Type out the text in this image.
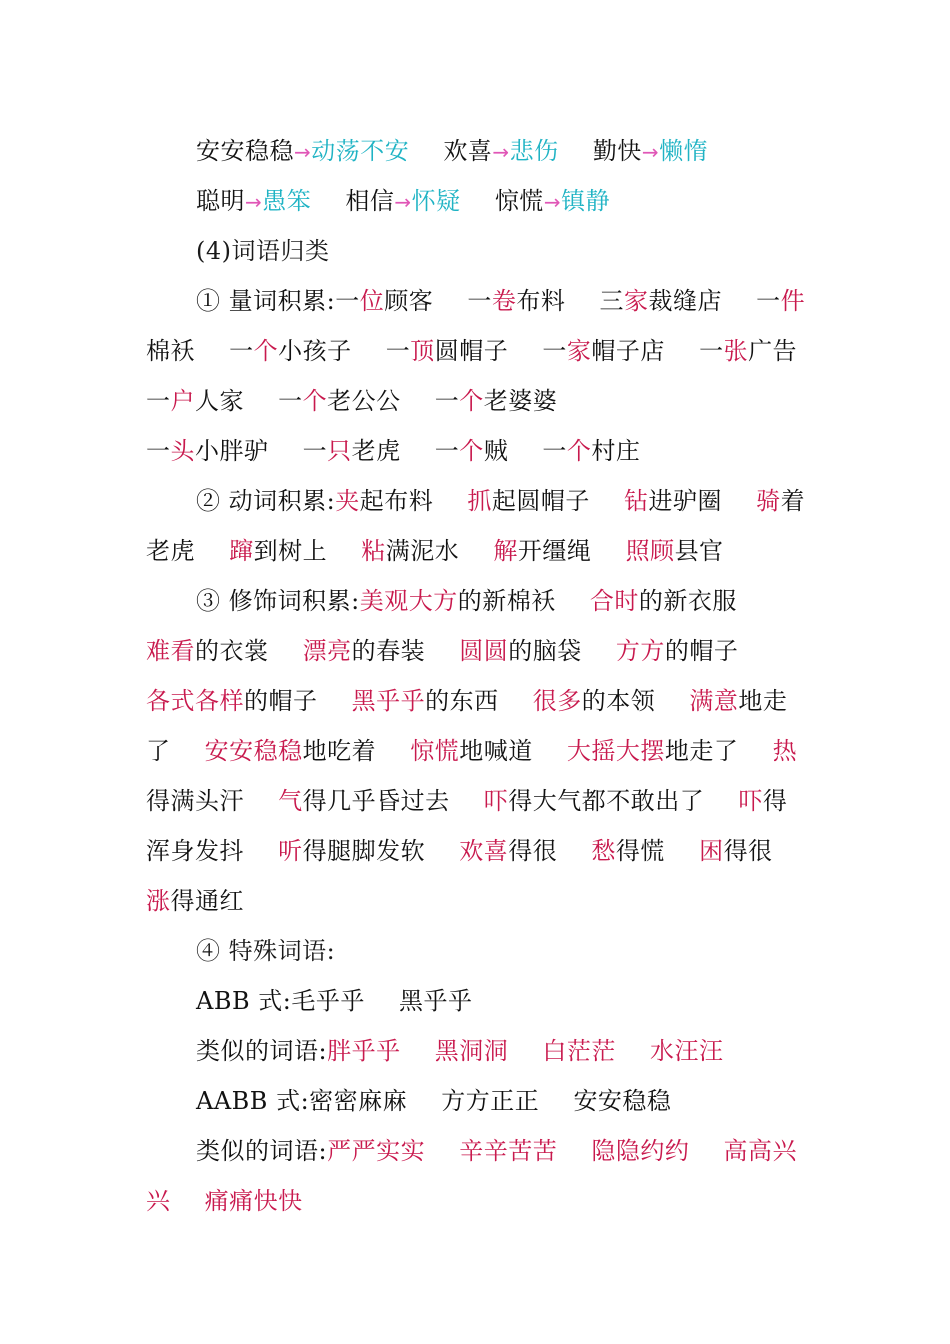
安安稳稳→动荡不安 欢喜→悲伤 勤快→懒惰
聪明→愚笨 相信→怀疑 惊慌→镇静
(4)词语归类
① 量词积累:一位顾客 一卷布料 三家裁缝店 一件
棉袄 一个小孩子 一顶圆帽子 一家帽子店 一张广告
一户人家 一个老公公 一个老婆婆
一头小胖驴 一只老虎 一个贼 一个村庄
② 动词积累:夹起布料 抓起圆帽子 钻进驴圈 骑着
老虎 蹿到树上 粘满泥水 解开缰绳 照顾县官
③ 修饰词积累:美观大方的新棉袄 合时的新衣服
难看的衣裳 漂亮的春装 圆圆的脑袋 方方的帽子
各式各样的帽子 黑乎乎的东西 很多的本领 满意地走
了 安安稳稳地吃着 惊慌地喊道 大摇大摆地走了 热
得满头汗 气得几乎昏过去 吓得大气都不敢出了 吓得
浑身发抖 听得腿脚发软 欢喜得很 愁得慌 困得很
涨得通红
④ 特殊词语:
ABB 式:毛乎乎 黑乎乎
类似的词语:胖乎乎 黑洞洞 白茫茫 水汪汪
AABB 式:密密麻麻 方方正正 安安稳稳
类似的词语:严严实实 辛辛苦苦 隐隐约约 高高兴
兴 痛痛快快
